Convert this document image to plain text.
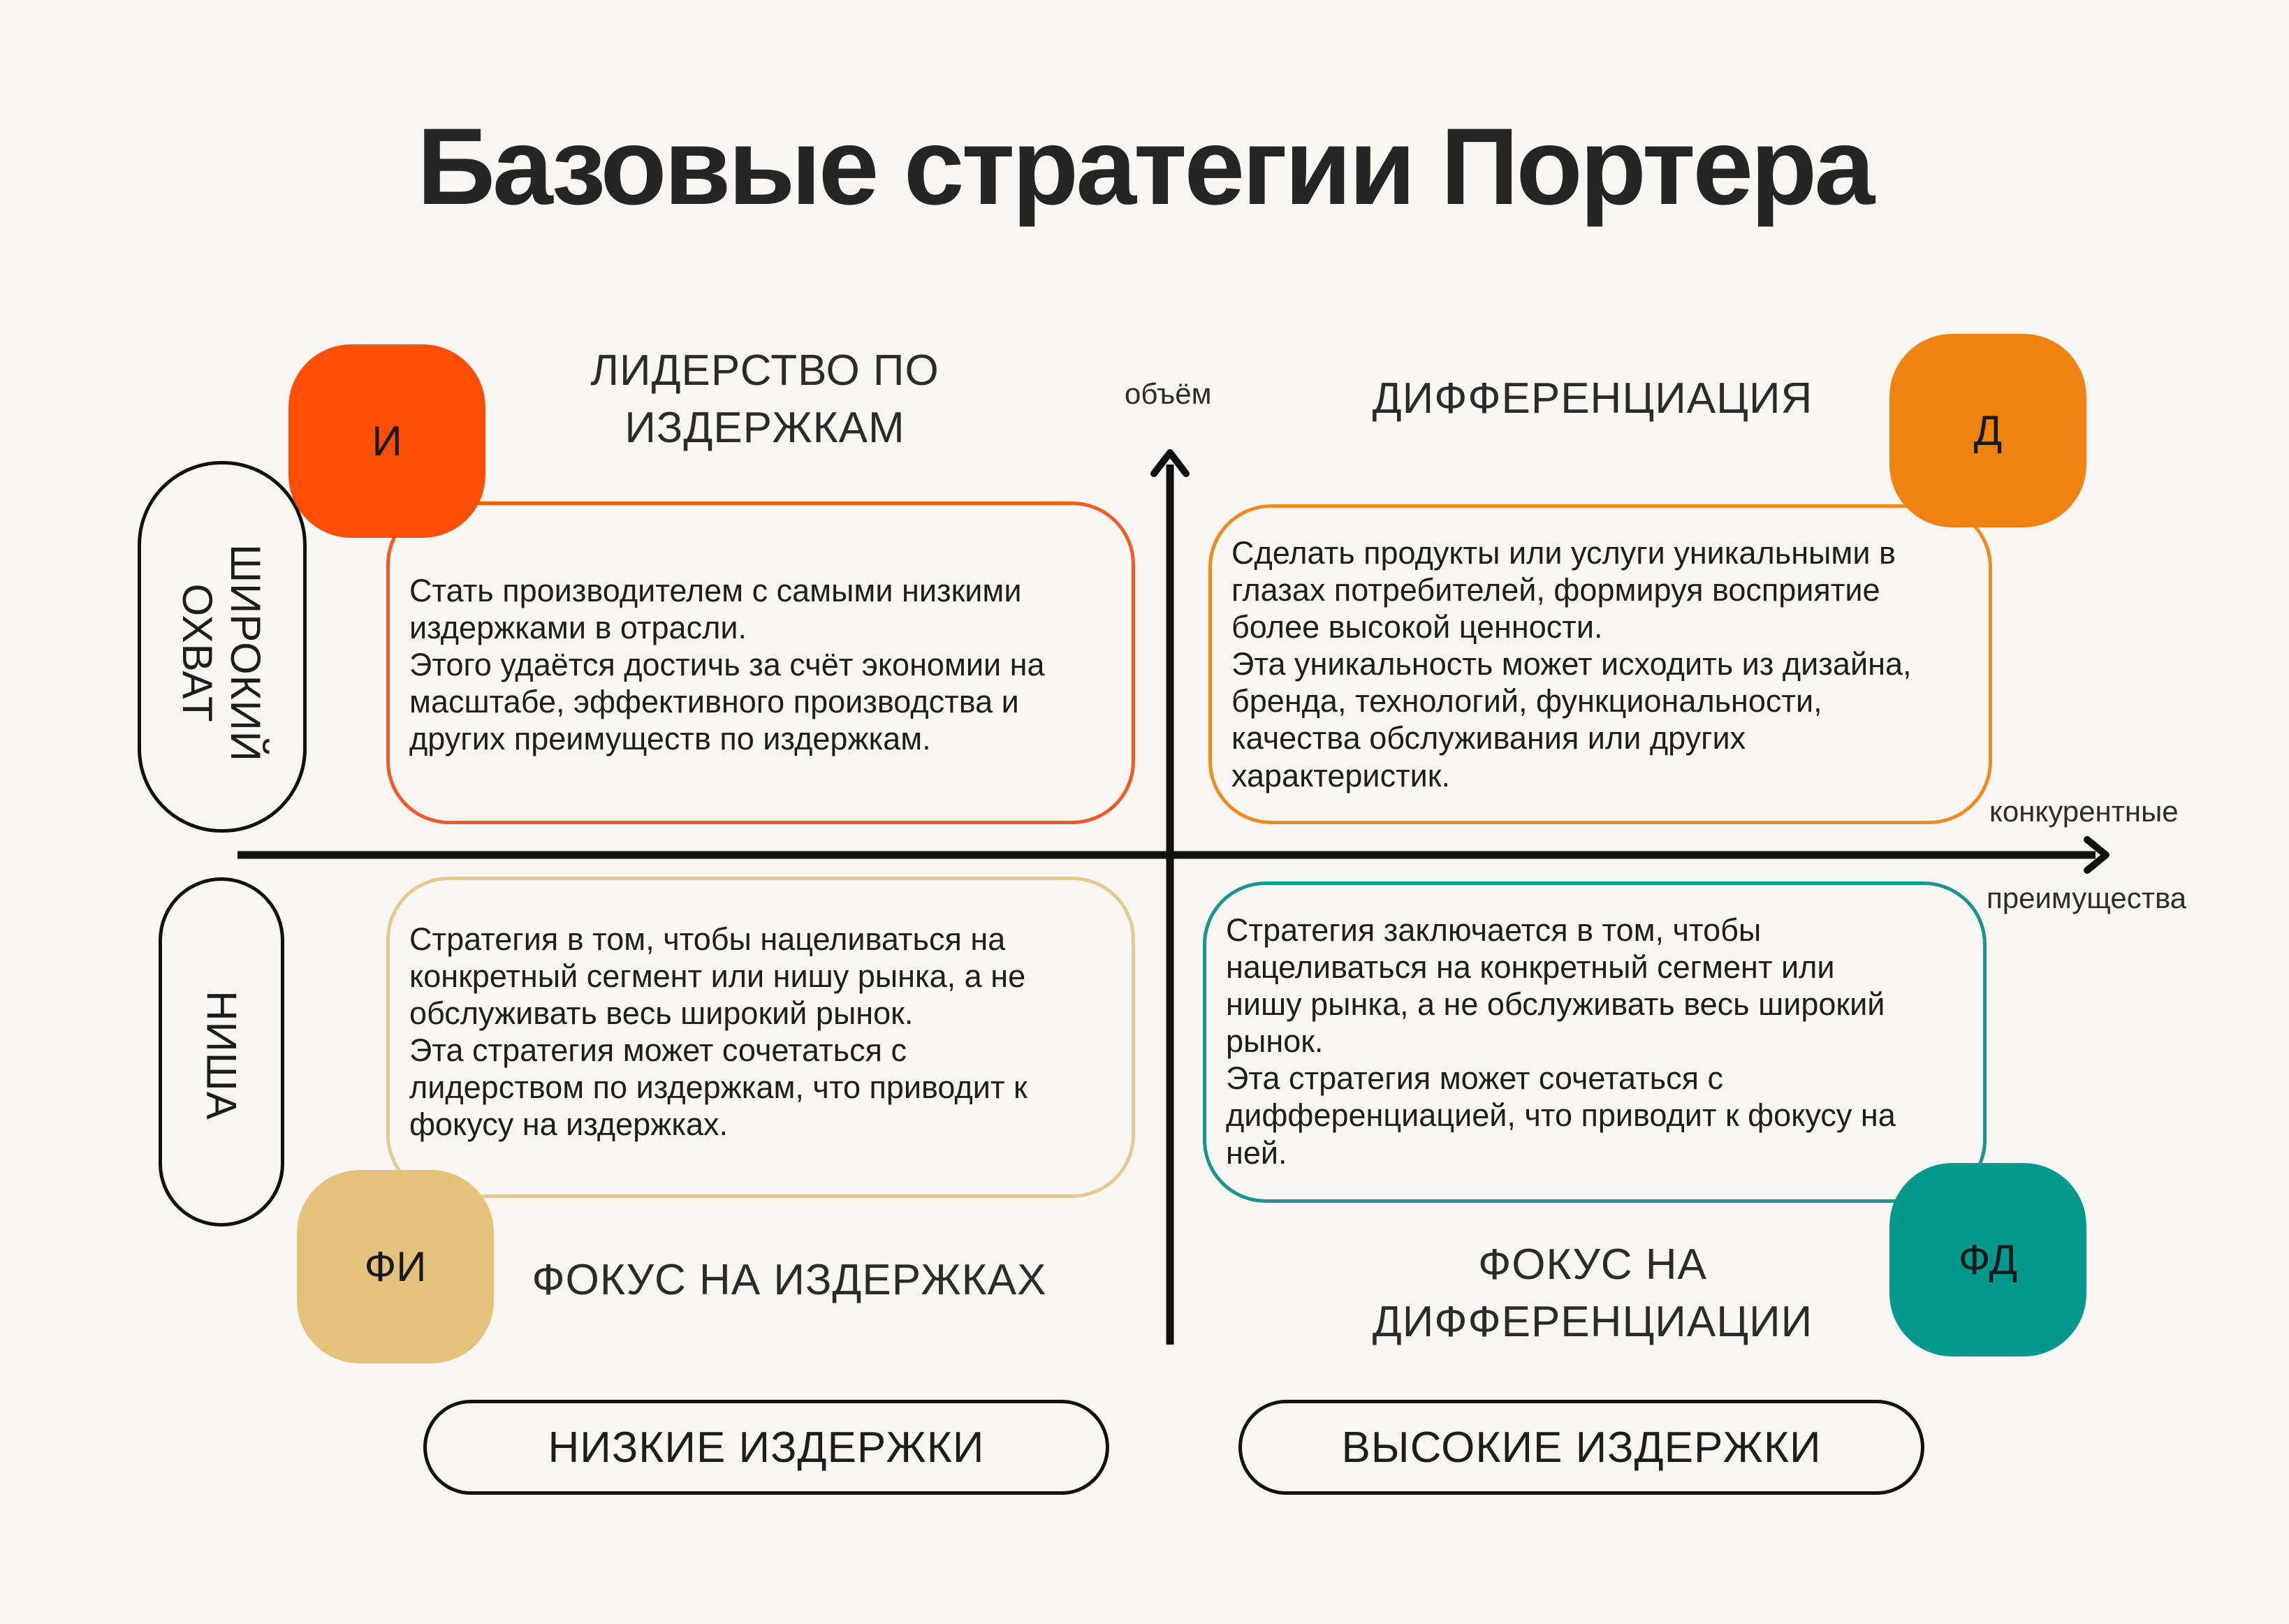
Базовые стратегии Портера
объём
конкурентные
преимущества
ШИРОКИЙ
ОХВАТ
НИША
НИЗКИЕ ИЗДЕРЖКИ	ВЫСОКИЕ ИЗДЕРЖКИ
Стать производителем с самыми низкими
издержками в отрасли.
Этого удаётся достичь за счёт экономии на
масштабе, эффективного производства и
других преимуществ по издержкам.
И
ЛИДЕРСТВО ПО
ИЗДЕРЖКАМ
Сделать продукты или услуги уникальными в
глазах потребителей, формируя восприятие
более высокой ценности.
Эта уникальность может исходить из дизайна,
бренда, технологий, функциональности,
качества обслуживания или других
характеристик.
Д
ДИФФЕРЕНЦИАЦИЯ
Стратегия в том, чтобы нацеливаться на
конкретный сегмент или нишу рынка, а не
обслуживать весь широкий рынок.
Эта стратегия может сочетаться с
лидерством по издержкам, что приводит к
фокусу на издержках.
ФИ	ФОКУС НА ИЗДЕРЖКАХ
Стратегия заключается в том, чтобы
нацеливаться на конкретный сегмент или
нишу рынка, а не обслуживать весь широкий
рынок.
Эта стратегия может сочетаться с
дифференциацией, что приводит к фокусу на
ней.
ФД
ФОКУС НА
ДИФФЕРЕНЦИАЦИИ
